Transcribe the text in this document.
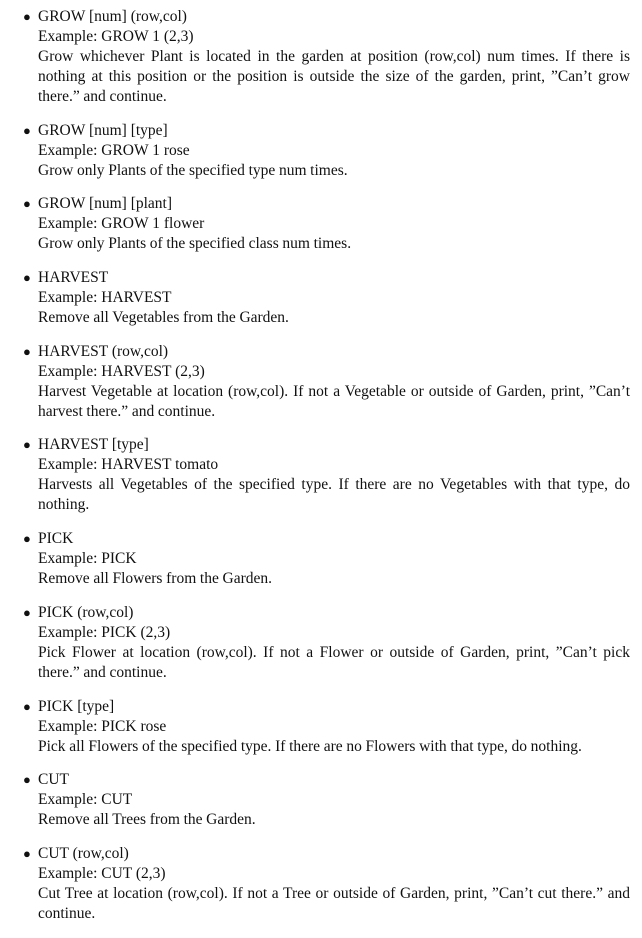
● GROW [num] (row,col)
Example: GROW 1 (2,3)
Grow whichever Plant is located in the garden at position (row,col) num times. If there is nothing at this position or the position is outside the size of the garden, print, ”Can’t grow there.” and continue.
● GROW [num] [type]
Example: GROW 1 rose
Grow only Plants of the specified type num times.
● GROW [num] [plant]
Example: GROW 1 flower
Grow only Plants of the specified class num times.
● HARVEST
Example: HARVEST
Remove all Vegetables from the Garden.
● HARVEST (row,col)
Example: HARVEST (2,3)
Harvest Vegetable at location (row,col). If not a Vegetable or outside of Garden, print, ”Can’t harvest there.” and continue.
● HARVEST [type]
Example: HARVEST tomato
Harvests all Vegetables of the specified type. If there are no Vegetables with that type, do nothing.
● PICK
Example: PICK
Remove all Flowers from the Garden.
● PICK (row,col)
Example: PICK (2,3)
Pick Flower at location (row,col). If not a Flower or outside of Garden, print, ”Can’t pick there.” and continue.
● PICK [type]
Example: PICK rose
Pick all Flowers of the specified type. If there are no Flowers with that type, do nothing.
● CUT
Example: CUT
Remove all Trees from the Garden.
● CUT (row,col)
Example: CUT (2,3)
Cut Tree at location (row,col). If not a Tree or outside of Garden, print, ”Can’t cut there.” and continue.
